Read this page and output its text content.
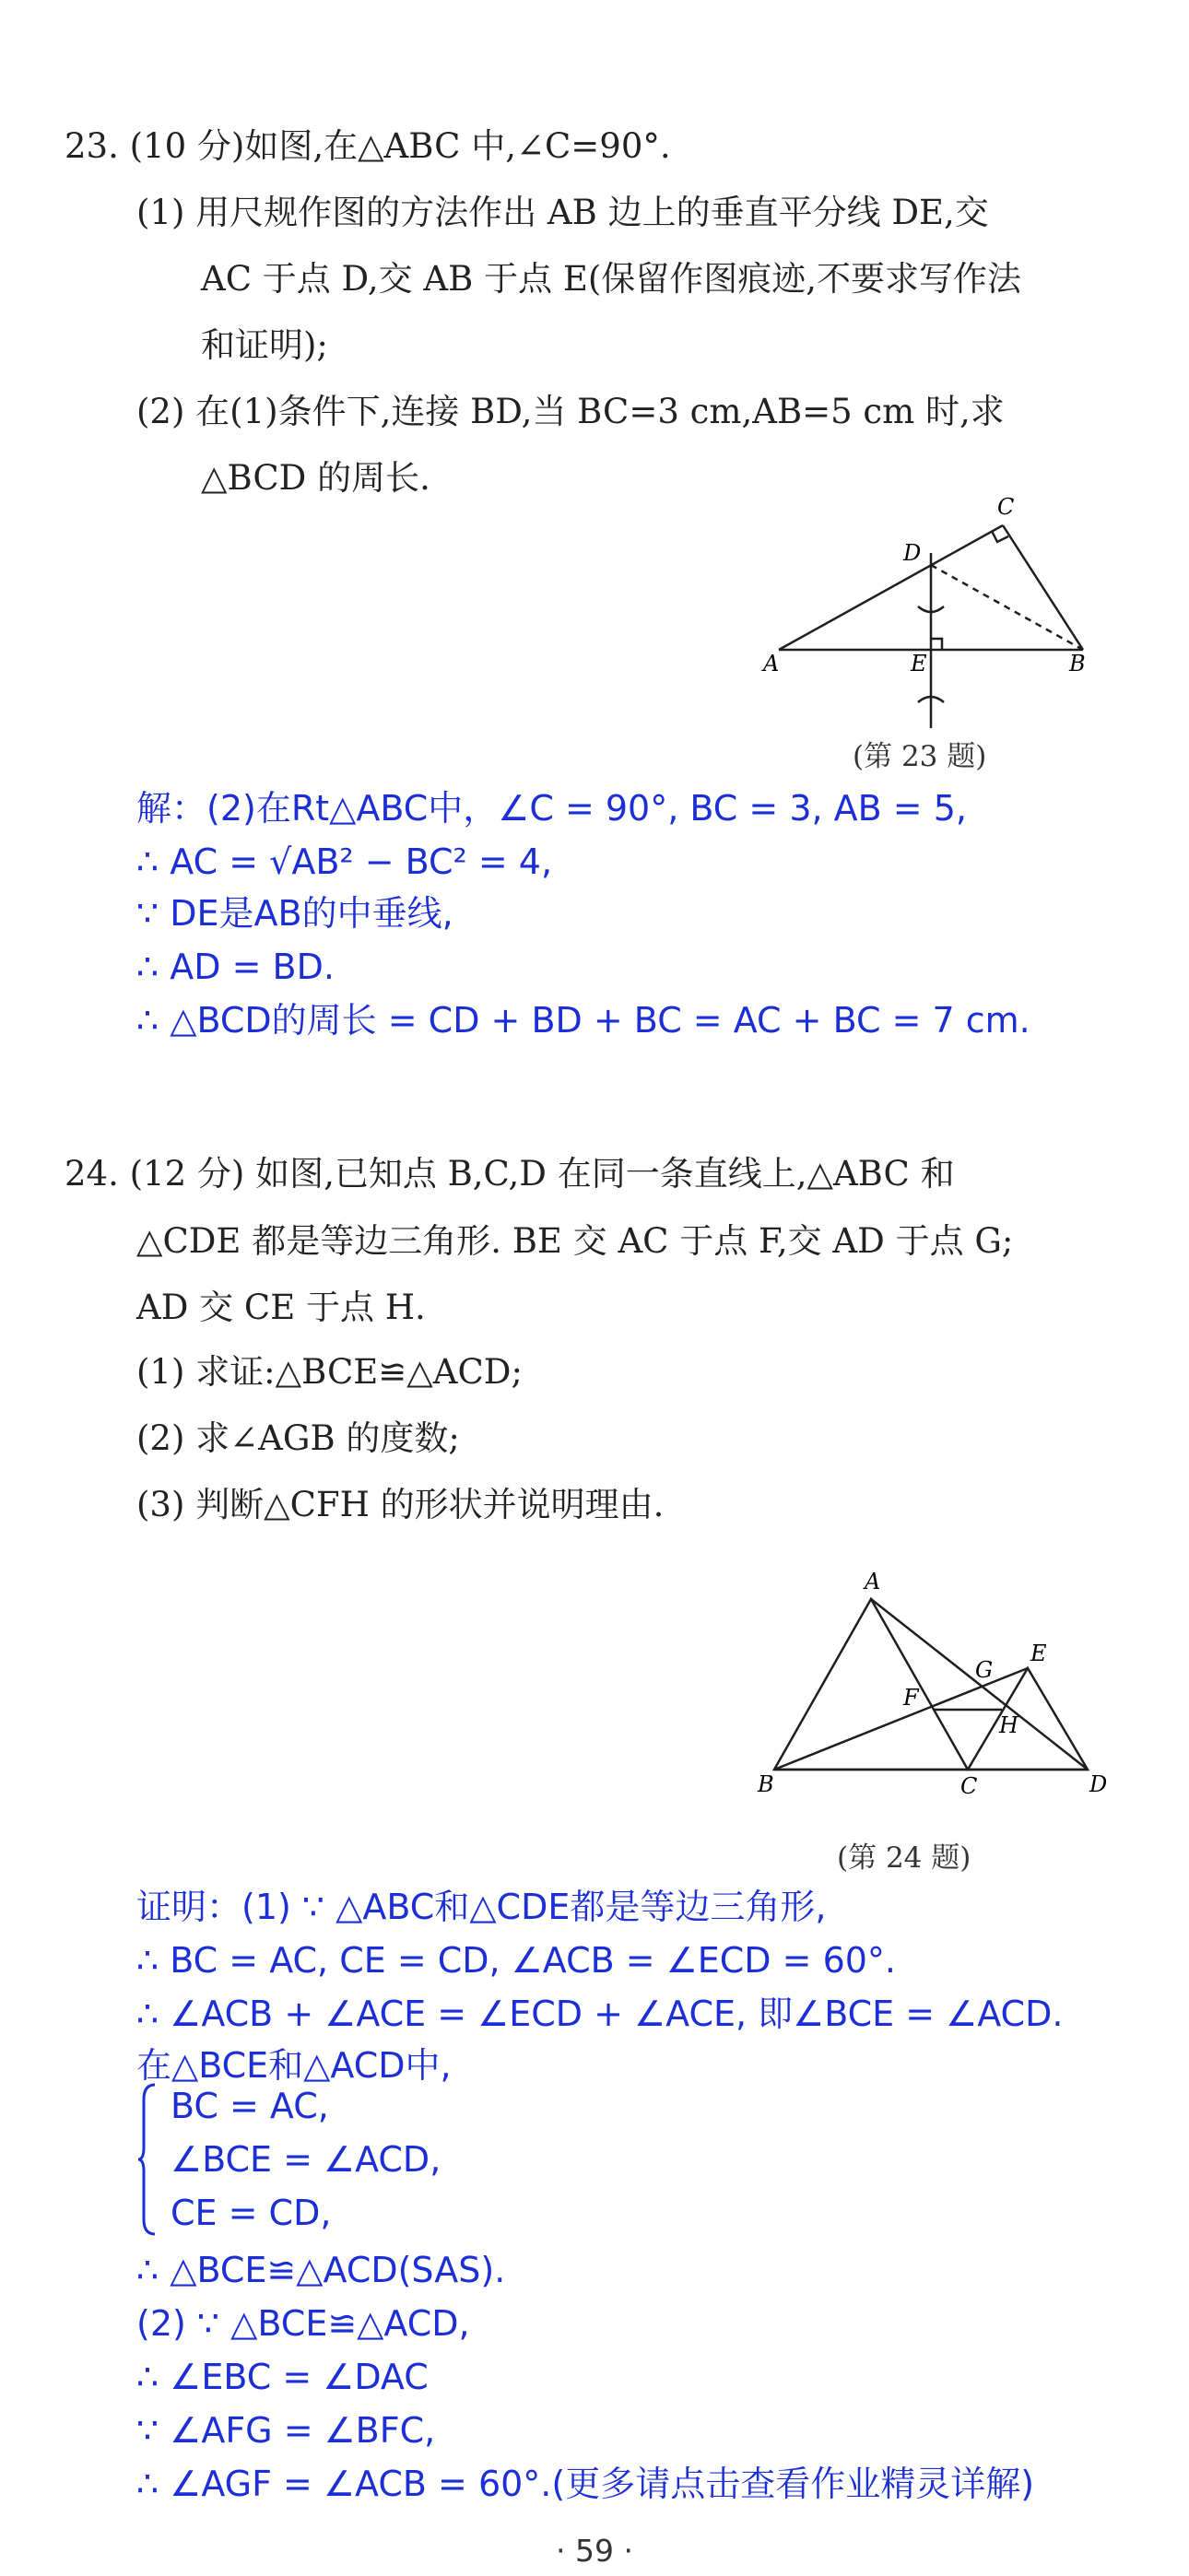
23. (10 分)如图,在△ABC 中,∠C=90°.
(1) 用尺规作图的方法作出 AB 边上的垂直平分线 DE,交
AC 于点 D,交 AB 于点 E(保留作图痕迹,不要求写作法
和证明);
(2) 在(1)条件下,连接 BD,当 BC=3 cm,AB=5 cm 时,求
△BCD 的周长.
A	B
C
D
E
(第 23 题)
解：(2)在Rt△ABC中，∠C = 90°, BC = 3, AB = 5,
∴ AC = √AB² − BC² = 4,
∵ DE是AB的中垂线,
∴ AD = BD.
∴ △BCD的周长 = CD + BD + BC = AC + BC = 7 cm.
24. (12 分) 如图,已知点 B,C,D 在同一条直线上,△ABC 和
△CDE 都是等边三角形. BE 交 AC 于点 F,交 AD 于点 G;
AD 交 CE 于点 H.
(1) 求证:△BCE≌△ACD;
(2) 求∠AGB 的度数;
(3) 判断△CFH 的形状并说明理由.
A
B	C	D
E
F
G
H
(第 24 题)
证明：(1) ∵ △ABC和△CDE都是等边三角形,
∴ BC = AC, CE = CD, ∠ACB = ∠ECD = 60°.
∴ ∠ACB + ∠ACE = ∠ECD + ∠ACE, 即∠BCE = ∠ACD.
在△BCE和△ACD中,
BC = AC,
∠BCE = ∠ACD,
CE = CD,
∴ △BCE≌△ACD(SAS).
(2) ∵ △BCE≌△ACD,
∴ ∠EBC = ∠DAC
∵ ∠AFG = ∠BFC,
∴ ∠AGF = ∠ACB = 60°.(更多请点击查看作业精灵详解)
· 59 ·
